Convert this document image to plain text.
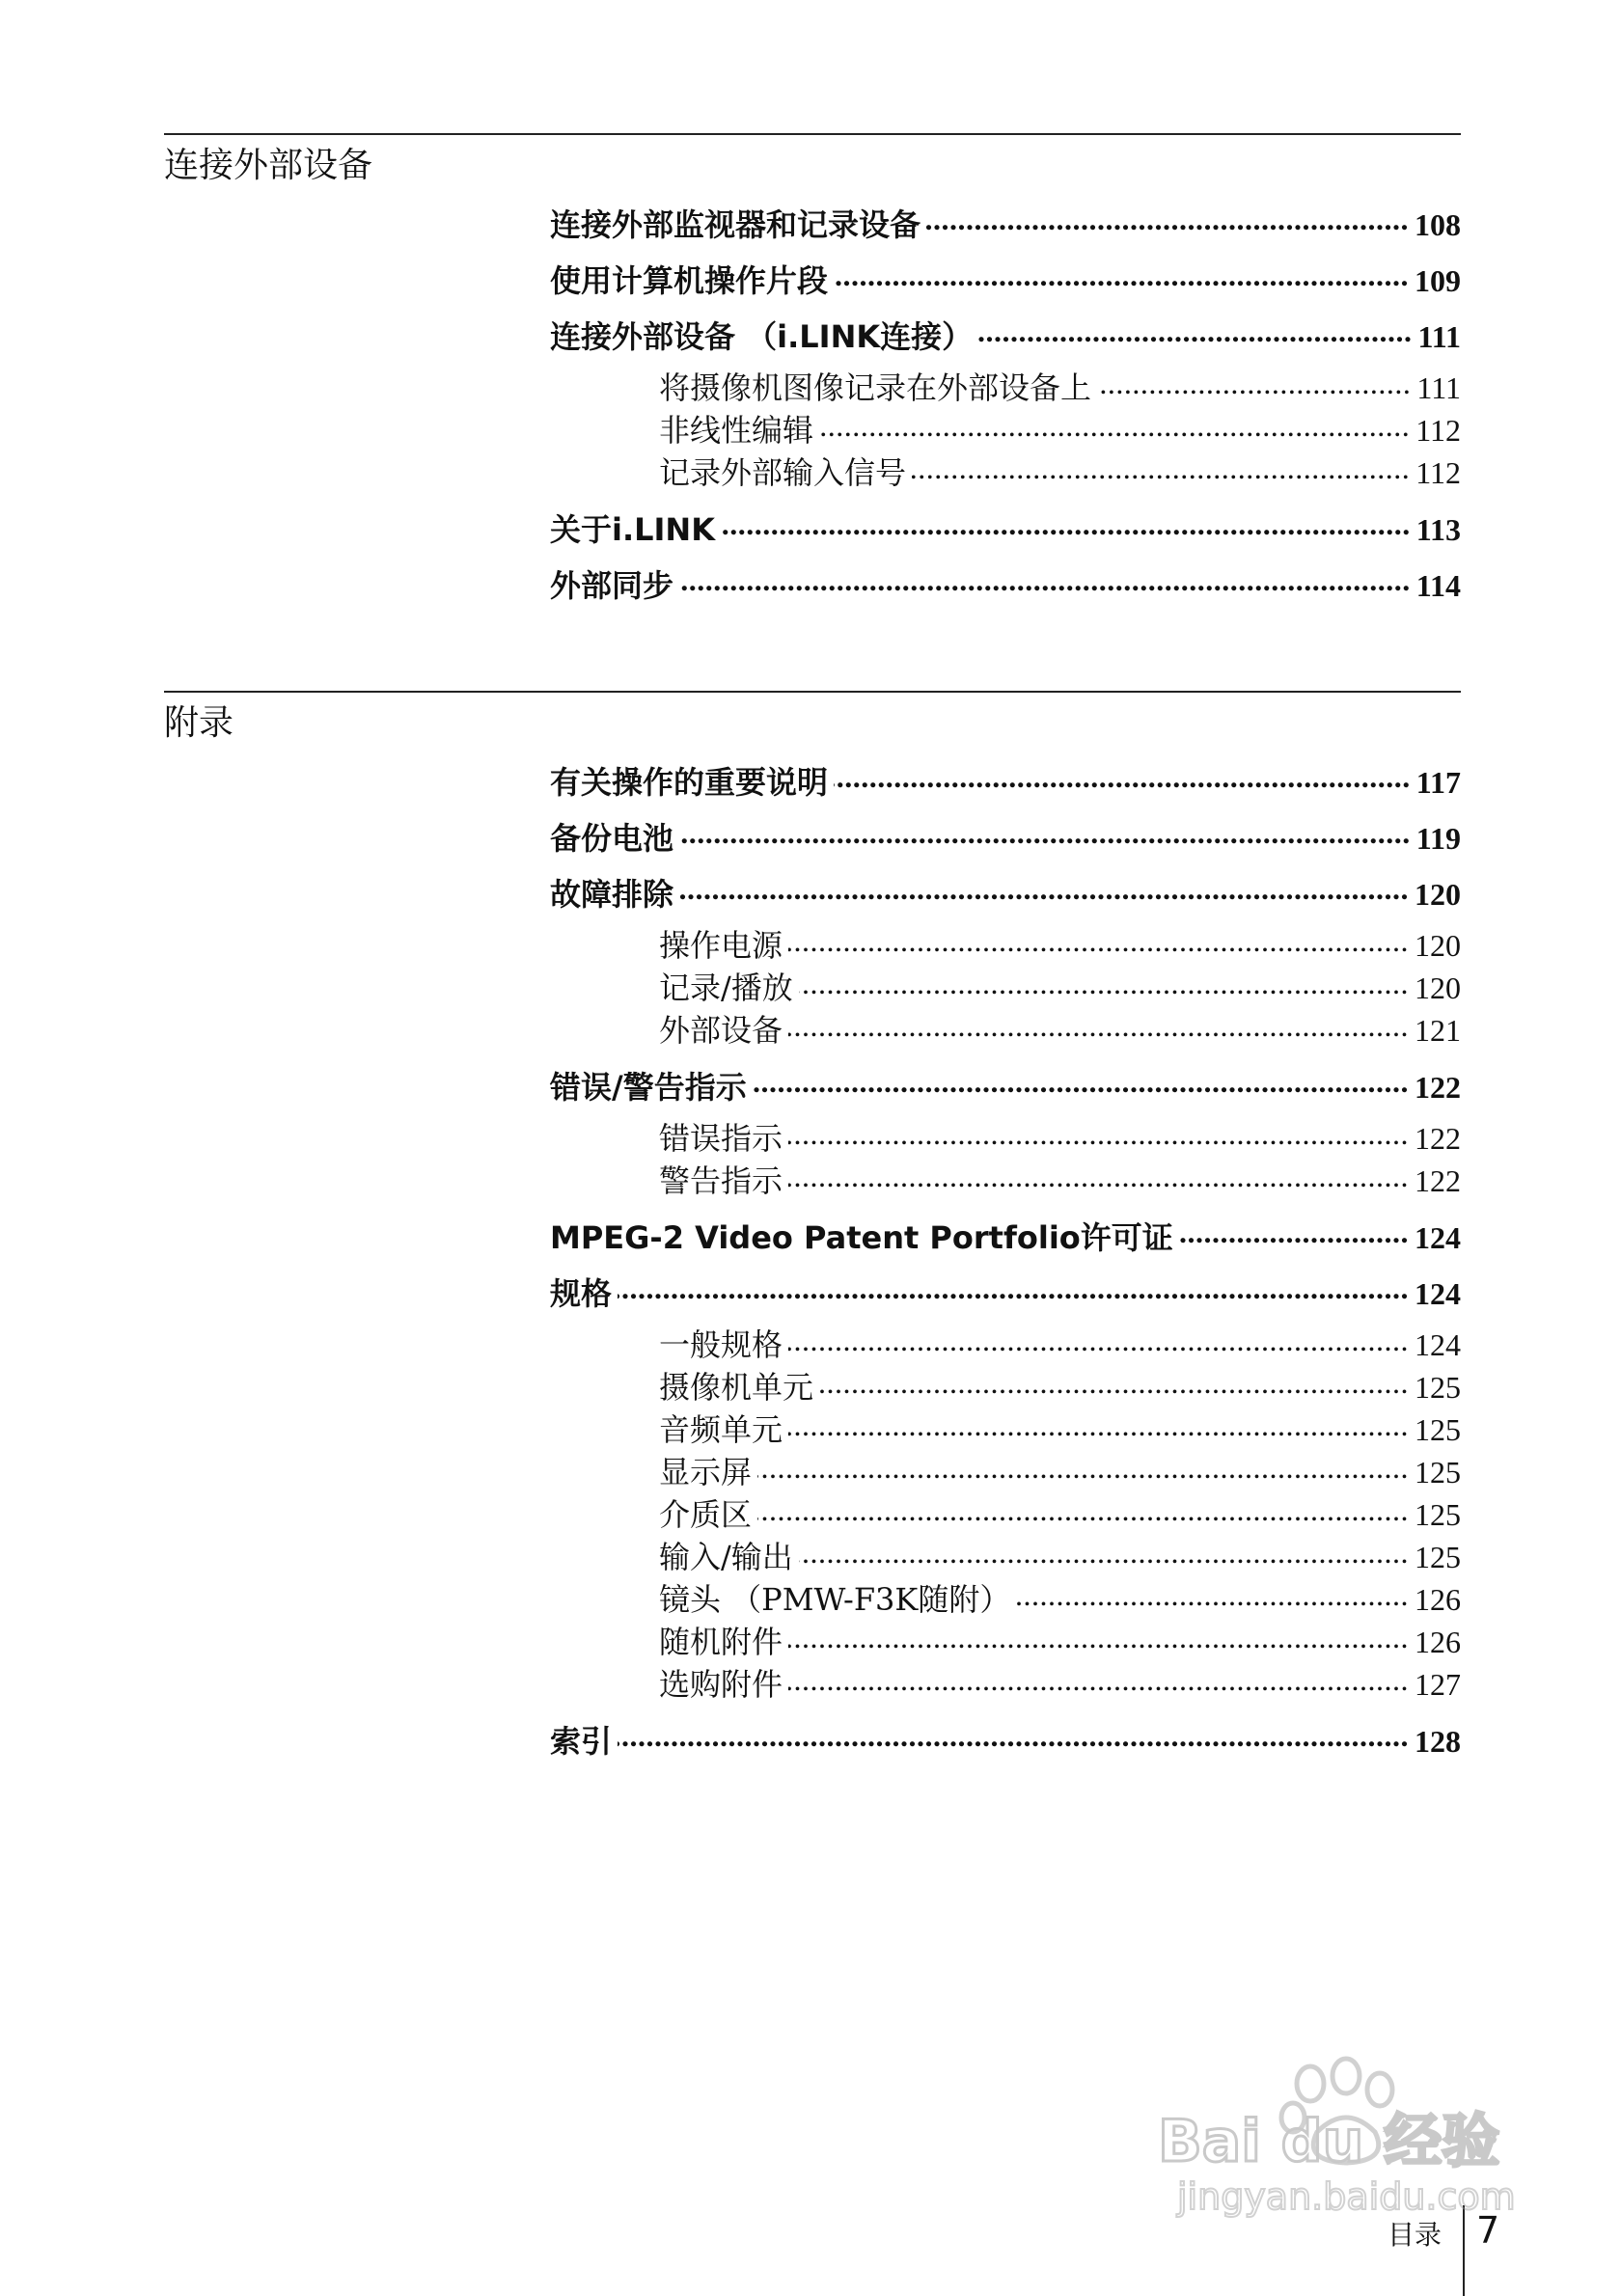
连接外部设备
连接外部监视器和记录设备 .....	108
使用计算机操作片段 .....	109
连接外部设备 （i.LINK连接） .....	111
将摄像机图像记录在外部设备上 .....	111
非线性编辑 .....	112
记录外部输入信号 .....	112
关于i.LINK .....	113
外部同步 .....	114
附录
有关操作的重要说明 .....	117
备份电池 .....	119
故障排除 .....	120
操作电源 .....	120
记录/播放 .....	120
外部设备 .....	121
错误/警告指示 .....	122
错误指示 .....	122
警告指示 .....	122
MPEG-2 Video Patent Portfolio许可证 .....	124
规格 .....	124
一般规格 .....	124
摄像机单元 .....	125
音频单元 .....	125
显示屏 .....	125
介质区 .....	125
输入/输出 .....	125
镜头 （PMW-F3K随附） .....	126
随机附件 .....	126
选购附件 .....	127
索引 .....	128
目录 7
Bai du 经验
jingyan.baidu.com
